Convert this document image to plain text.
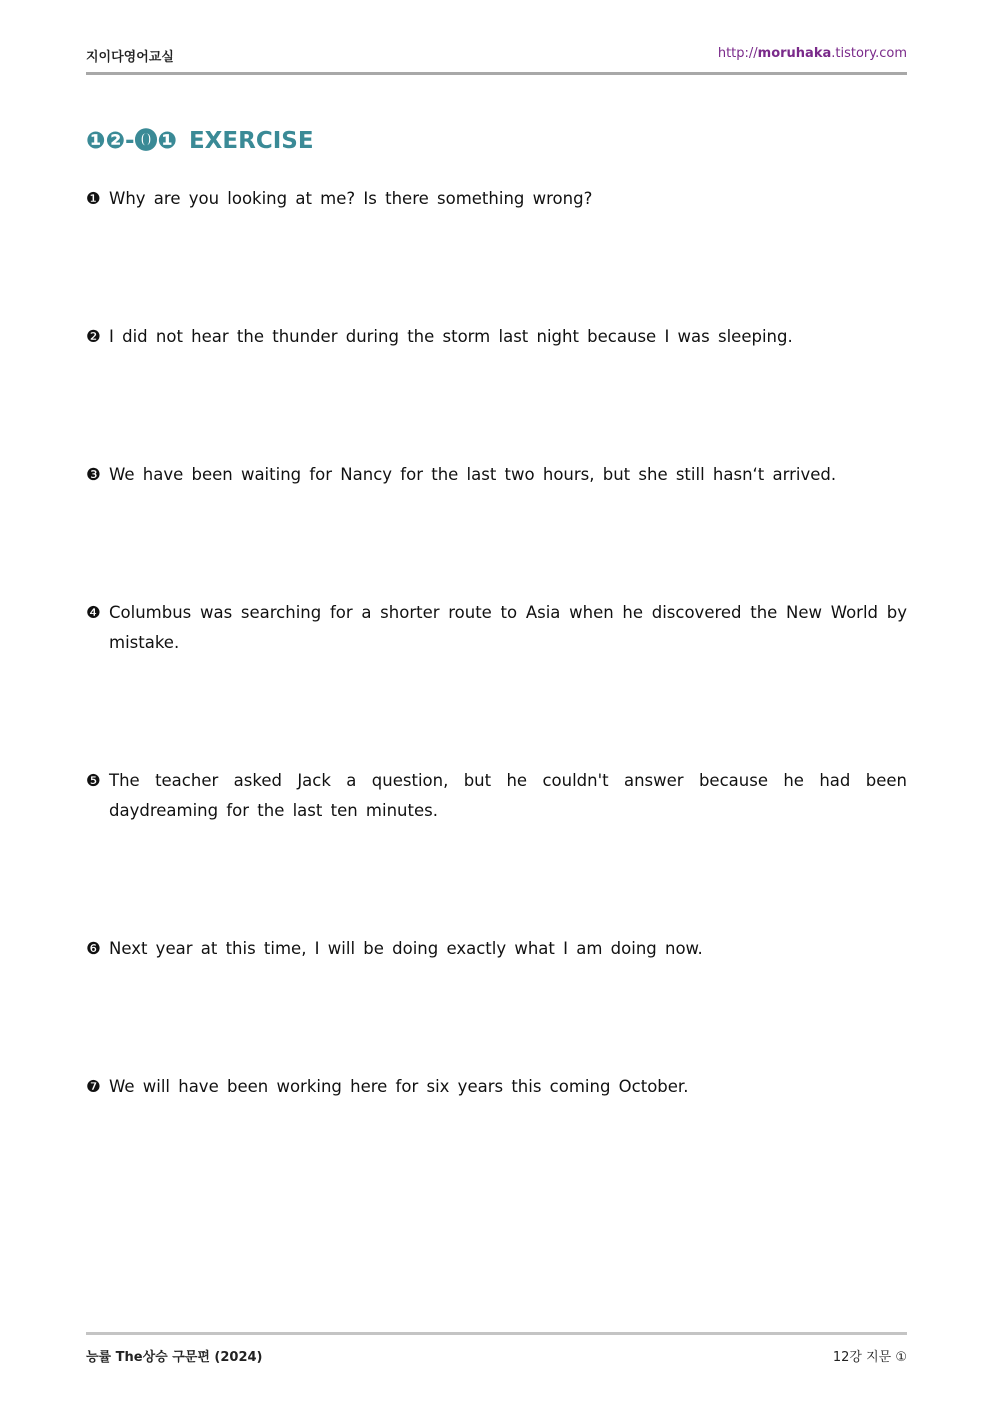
지이다영어교실	http://moruhaka.tistory.com
❶❷-⓿❶ EXERCISE
❶ Why are you looking at me? Is there something wrong?
❷ I did not hear the thunder during the storm last night because I was sleeping.
❸ We have been waiting for Nancy for the last two hours, but she still hasn‘t arrived.
❹ Columbus was searching for a shorter route to Asia when he discovered the New World by mistake.
❺ The teacher asked Jack a question, but he couldn't answer because he had been daydreaming for the last ten minutes.
❻ Next year at this time, I will be doing exactly what I am doing now.
❼ We will have been working here for six years this coming October.
능률 The상승 구문편 (2024)	12강 지문 ①
